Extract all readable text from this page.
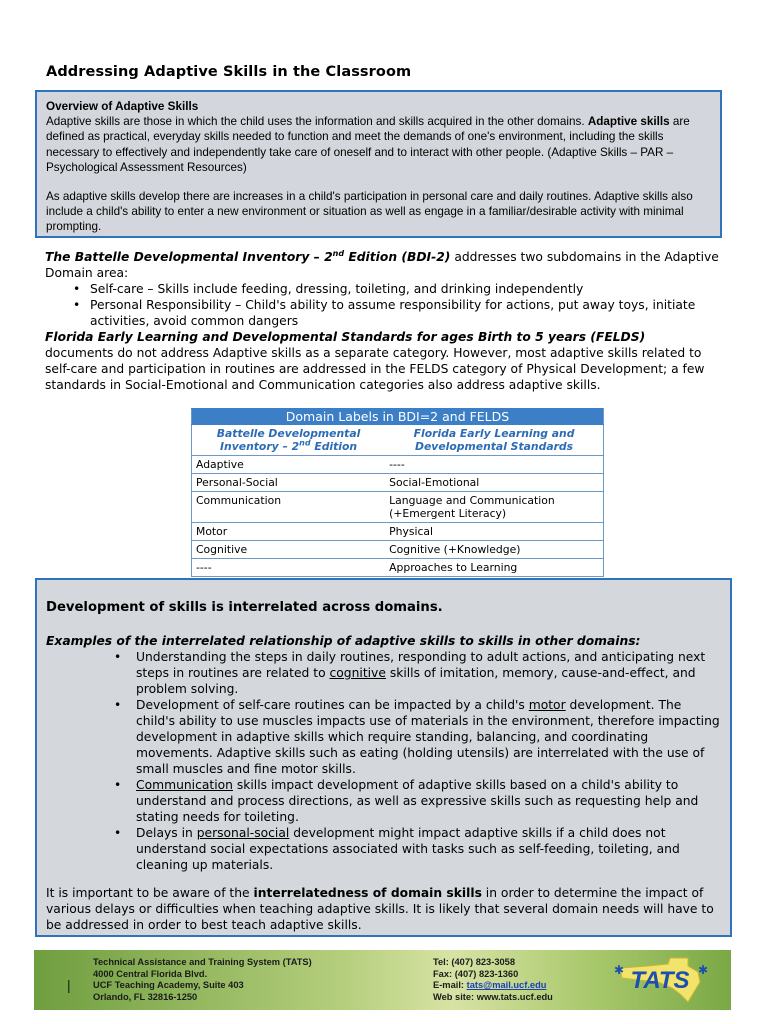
Addressing Adaptive Skills in the Classroom

Overview of Adaptive Skills

Adaptive skills are those in which the child uses the information and skills acquired in the other domains. Adaptive skills are defined as practical, everyday skills needed to function and meet the demands of one's environment, including the skills necessary to effectively and independently take care of oneself and to interact with other people. (Adaptive Skills – PAR – Psychological Assessment Resources)

As adaptive skills develop there are increases in a child's participation in personal care and daily routines. Adaptive skills also include a child's ability to enter a new environment or situation as well as engage in a familiar/desirable activity with minimal prompting.

The Battelle Developmental Inventory – 2nd Edition (BDI-2) addresses two subdomains in the Adaptive Domain area:

• Self-care – Skills include feeding, dressing, toileting, and drinking independently
• Personal Responsibility – Child's ability to assume responsibility for actions, put away toys, initiate activities, avoid common dangers

Florida Early Learning and Developmental Standards for ages Birth to 5 years (FELDS)
documents do not address Adaptive skills as a separate category. However, most adaptive skills related to self-care and participation in routines are addressed in the FELDS category of Physical Development; a few standards in Social-Emotional and Communication categories also address adaptive skills.

Domain Labels in BDI=2 and FELDS	
Battelle Developmental Inventory – 2nd Edition	Florida Early Learning and Developmental Standards
Adaptive	----
Personal-Social	Social-Emotional
Communication	Language and Communication (+Emergent Literacy)
Motor	Physical
Cognitive	Cognitive (+Knowledge)
----	Approaches to Learning
Development of skills is interrelated across domains.
Examples of the interrelated relationship of adaptive skills to skills in other domains:
• Understanding the steps in daily routines, responding to adult actions, and anticipating next steps in routines are related to cognitive skills of imitation, memory, cause-and-effect, and problem solving.
• Development of self-care routines can be impacted by a child's motor development. The child's ability to use muscles impacts use of materials in the environment, therefore impacting development in adaptive skills which require standing, balancing, and coordinating movements. Adaptive skills such as eating (holding utensils) are interrelated with the use of small muscles and fine motor skills.
• Communication skills impact development of adaptive skills based on a child's ability to understand and process directions, as well as expressive skills such as requesting help and stating needs for toileting.
• Delays in personal-social development might impact adaptive skills if a child does not understand social expectations associated with tasks such as self-feeding, toileting, and cleaning up materials.

It is important to be aware of the interrelatedness of domain skills in order to determine the impact of various delays or difficulties when teaching adaptive skills. It is likely that several domain needs will have to be addressed in order to best teach adaptive skills.

|
Technical Assistance and Training System (TATS)
4000 Central Florida Blvd.
UCF Teaching Academy, Suite 403
Orlando, FL 32816-1250
Tel: (407) 823-3058
Fax: (407) 823-1360
E-mail: tats@mail.ucf.edu
Web site: www.tats.ucf.edu
TATS
✱	✱
